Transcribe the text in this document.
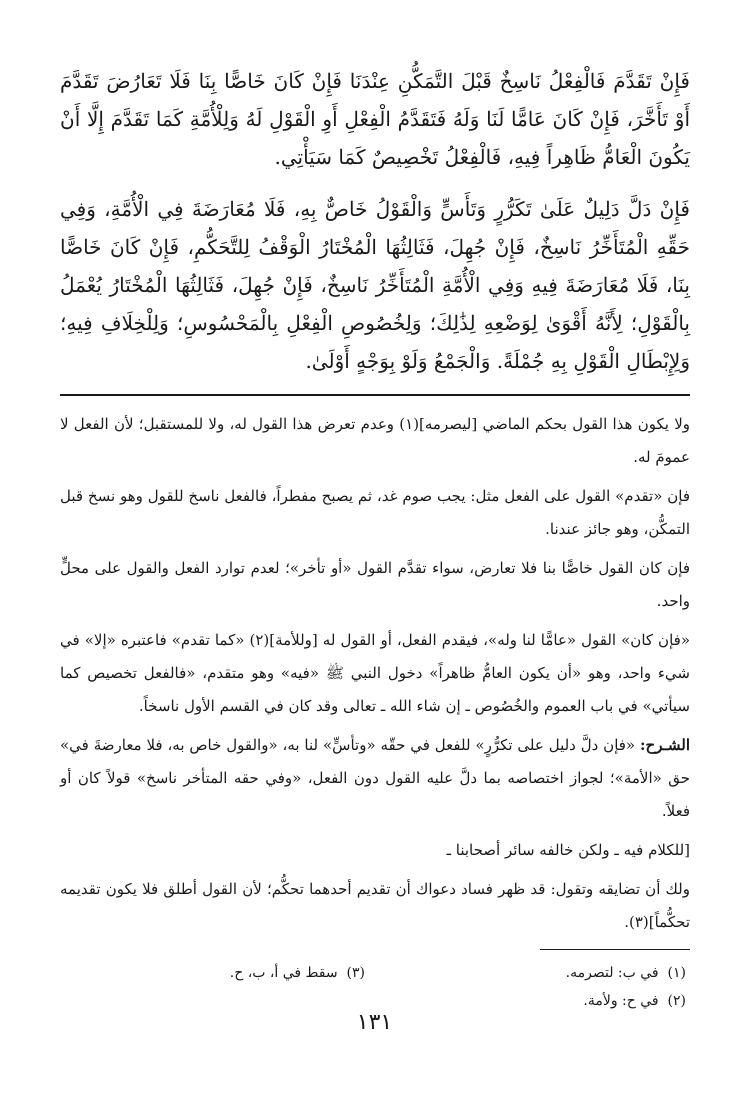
فَإِنْ تَقَدَّمَ فَالْفِعْلُ نَاسِخٌ قَبْلَ التَّمَكُّنِ عِنْدَنَا فَإِنْ كَانَ خَاصًّا بِنَا فَلَا تَعَارُضَ تَقَدَّمَ أَوْ تَأَخَّرَ، فَإِنْ كَانَ عَامًّا لَنَا وَلَهُ فَتَقَدَّمُ الْفِعْلِ أَوِ الْقَوْلِ لَهُ وَلِلْأُمَّةِ كَمَا تَقَدَّمَ إِلَّا أَنْ يَكُونَ الْعَامُّ ظَاهِراً فِيهِ، فَالْفِعْلُ تَخْصِيصٌ كَمَا سَيَأْتِي.

فَإِنْ دَلَّ دَلِيلٌ عَلَىٰ تَكَرُّرٍ وَتَأَسٍّ وَالْقَوْلُ خَاصٌّ بِهِ، فَلَا مُعَارَضَةَ فِي الْأُمَّةِ، وَفِي حَقِّهِ الْمُتَأَخِّرُ نَاسِخٌ، فَإِنْ جُهِلَ، فَثَالِثُهَا الْمُخْتَارُ الْوَقْفُ لِلتَّحَكُّمِ، فَإِنْ كَانَ خَاصًّا بِنَا، فَلَا مُعَارَضَةَ فِيهِ وَفِي الْأُمَّةِ الْمُتَأَخِّرُ نَاسِخٌ، فَإِنْ جُهِلَ، فَثَالِثُهَا الْمُخْتَارُ يُعْمَلُ بِالْقَوْلِ؛ لِأَنَّهُ أَقْوَىٰ لِوَضْعِهِ لِذَٰلِكَ؛ وَلِخُصُوصِ الْفِعْلِ بِالْمَحْسُوسِ؛ وَلِلْخِلَافِ فِيهِ؛ وَلِإِبْطَالِ الْقَوْلِ بِهِ جُمْلَةً. وَالْجَمْعُ وَلَوْ بِوَجْهٍ أَوْلَىٰ.

ولا يكون هذا القول بحكم الماضي [ليصرمه](١) وعدم تعرض هذا القول له، ولا للمستقبل؛ لأن الفعل لا عمومَ له.

فإن «تقدم» القول على الفعل مثل: يجب صوم غد، ثم يصبح مفطراً، فالفعل ناسخ للقول وهو نسخ قبل التمكُّن، وهو جائز عندنا.

فإن كان القول خاصًّا بنا فلا تعارض، سواء تقدَّم القول «أو تأخر»؛ لعدم توارد الفعل والقول على محلٍّ واحد.

«فإن كان» القول «عامًّا لنا وله»، فيقدم الفعل، أو القول له [وللأمة](٢) «كما تقدم» فاعتبره «إلا» في شيء واحد، وهو «أن يكون العامُّ ظاهراً» دخول النبي ﷺ «فيه» وهو متقدم، «فالفعل تخصيص كما سيأتي» في باب العموم والخُصُوص ـ إن شاء الله ـ تعالى وقد كان في القسم الأول ناسخاً.

الشـرح: «فإن دلَّ دليل على تكرُّرٍ» للفعل في حقّه «وتأسٍّ» لنا به، «والقول خاص به، فلا معارضةَ في» حق «الأمة»؛ لجواز اختصاصه بما دلَّ عليه القول دون الفعل، «وفي حقه المتأخر ناسخ» قولاً كان أو فعلاً.

[للكلام فيه ـ ولكن خالفه سائر أصحابنا ـ

ولك أن تضايقه وتقول: قد ظهر فساد دعواك أن تقديم أحدهما تحكُّم؛ لأن القول أطلق فلا يكون تقديمه تحكُّماً](٣).

(١)  في ب: لتصرمه.
(٢)  في ح: ولأمة.
(٣)  سقط في أ، ب، ح.
١٣١
